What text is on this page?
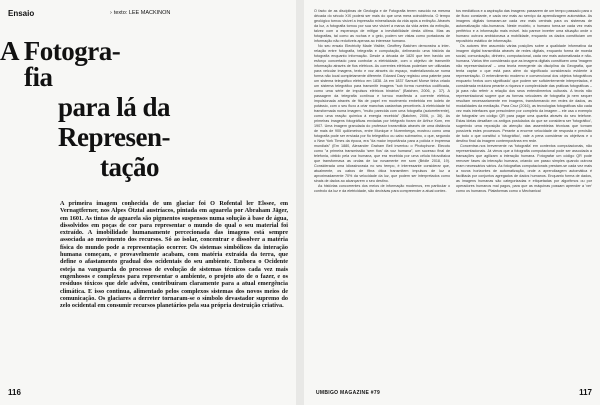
Ensaio	› texto: LEE MACKINON
A Fotogra-
fia
para lá da
Represen-
tação
A primeira imagem conhecida de um glaciar foi O Rofental ler Elssee, em Vernagtferner, nos Alpes Ötztal austríacos, pintada em aguarela por Abraham Jäger, em 1601. As tintas de aguarela são pigmentos suspensos numa solução à base de água, dissolvidos em poças de cor para representar o mundo do qual o seu material foi extraído. A imobilidade humanamente percecionada das imagens está sempre associada ao movimento dos recursos. Só ao isolar, concentrar e dissolver a matéria física do mundo pode a representação ocorrer. Os sistemas simbólicos da interação humana começam, e provavelmente acabam, com matéria extraída da terra, que define o afastamento gradual dos ocidentais do seu ambiente. Embora o Ocidente esteja na vanguarda do processo de evolução de sistemas técnicos cada vez mais engenhosos e complexos para representar o ambiente, o projeto ato de o fazer, e os resíduos tóxicos que dele advêm, contribuíram claramente para a atual emergência climática. E isso continua, alimentado pelos complexos sistemas dos novos meios de comunicação. Os glaciares a derreter tornaram-se o símbolo devastador supremo do zelo ocidental em consumir recursos planetários pela sua própria destruição criativa.
116

O facto de as disciplinas de Geologia e de Fotografia terem nascido na mesma década do século XIX poderá ser mais do que uma mera coincidência. O tempo geológico tornou visível a impressão mineralizada da vida após a extinção. Através da luz, a fotografia tornou por sua vez visível a marca da vida antes da extinção, talvez com a esperança de mitigar a inevitabilidade desta última. Mas as fotografias, tal como as rochas e o gelo, podem ser vistas como portadoras de informação não redutíveis apenas ao interesse humano.

No seu ensaio Electricity Made Visible, Geoffrey Batchen demonstra a inter-relação entre fotografia, telegrafia e computação, delineando uma história da fotografia enquanto informação. Desde a década de 1820 que tem havido um esforço concertado para controlar a eletricidade, com o objetivo de transmitir informação através de fios elétricos. As correntes elétricas poderiam ser utilizadas para veicular imagens, texto e voz através do espaço, materializando-se numa forma não local completamente diferente. Edward Davy registou uma patente para um sistema telegráfico elétrico em 1838. Já em 1837 Samuel Morse tinha criado um sistema telegráfico para transmitir imagens "sob forma numérica codificada, como uma série de impulsos elétricos binários" (Batchen, 2006, p. 37). A passagem da telegrafia contínua e tornou manifesta a corrente elétrica, impulsionada através de fita de papel em movimento embebida em iodeto de potássio, com o seu fluxo a criar manchas castanhas percetíveis. A eletricidade foi transformada numa imagem, "muito parecida com uma fotografia (autorreferente), como uma reação química à energia recebida" (Batchen, 2006, p. 36). As primeiras imagens fotográficas enviadas por telégrafo foram de Arthur Korn, em 1907. Uma imagem granulada do professor transmitida através de uma distância de mais de 900 quilómetros, entre Munique e Nuremberga, mostrou como uma fotografia pode ser enviada por fio telegráfico ou cabo submarino, o que, segundo o New York Times da época, era "da maior importância para a polícia e imprensa mundiais" (Em 1880, Alexander Graham Bell inventou o Photophone. Elecotu como "a primeira transmissão 'sem fios' da voz humana", um sucesso final de telefonia, obtido pela voz humana, que era recebida por uma célula fotovoltaica que transformava as ondas de luz novamente em som (Bridle 2018, 19). Considerada uma idiossincrasia no seu tempo, é interessante considerar que, atualmente, os cabos de fibra ótica transmitem impulsos de luz a aproximadamente 70% da velocidade da luz, que podem ser interpretados como sinais de dados ao alcançarem o seu destino.

As histórias concorrentes dos meios de informação modernos, em particular o controlo da luz e da eletricidade, são decisivas para compreender a atual contex-

tos mediáticos e a aspiração das imagens: passarem de um tempo passado para o de fluxo constante, e cada vez mais ao serviço da aprendizagem automática. As imagens digitais tornaram-se cada vez mais centrais para os sistemas de automatização não-humanos. Neste modelo, o humano torna-se cada vez mais periférico e a informação mais móvel. Isto parece inverter uma situação onde o humano outrora ambicionava a mobilidade, enquanto os dados constituíam um repositório estático de informação.

Os autores têm assumido várias posições sobre a qualidade informativa da imagem digital transmitida através de redes digitais, enquanto forma de moeda social, comunicação, dinheiro, computacional, cada vez mais automatizada e não-humana. Vários têm considerado que as imagens digitais constituem uma 'imagem não representacional' – uma teoria emergente da disciplina da Geografia, que tenta captar o que está para além do significado considerado evidente à representação. O entendimento moderno e convencional dos objetos fotográficos enquanto 'textos com significado' que podem ser suficientemente interpretados, é considerada redutora perante a riqueza e complexidade das práticas fotográficas – já para não referir a relação dos seus entendimentos culturais. A teoria não representacional sugere que as formas veiculares de fotografia já nem sequer resultam necessariamente em imagens, transformando em redes de dados, as modalidades da mediação. Para Cruz (2016), as tecnologias fotográficas são cada vez mais interfaces que prescindem por completo da imagem – ele usa o exemplo de fotografar um código QR para pagar uma quantia através do seu telefone. Estas ideias desafiam os antigos postulados do que se considera ser 'fotográfico', sugerindo uma reposição da atenção das assembleias técnicas que tornam possíveis estes processos. Perante a enorme velocidade de resposta e precisão de tudo o que constitui o 'fotográfico', vale a pena considerar os objetivos e o destino final da imagem contemporânea em rede.

Concentrar-nos brevemente na 'fotografia' em contextos computacionais, não representacionais. Já vimos que a fotografia computacional pode ser associada a transações que agilizam a interação humana. Fotografar um código QR pode remover fases da interação humana, criando um passo simples quando outrora eram necessários vários. As fotografias computacionais prestam-se cada vez mais a novos horizontes de automatização, onde a aprendizagem automática é facilitada por conjuntos agregados de dados humanos. Enquanto forma de dados, as imagens humanas são categorizadas e etiquetadas por algoritmos ou por operadores humanos mal pagos, para que as máquinas possam aprender a 'ver' como os humanos. Plataformas como o Mechanical

UMBIGO MAGAZINE #79	117
